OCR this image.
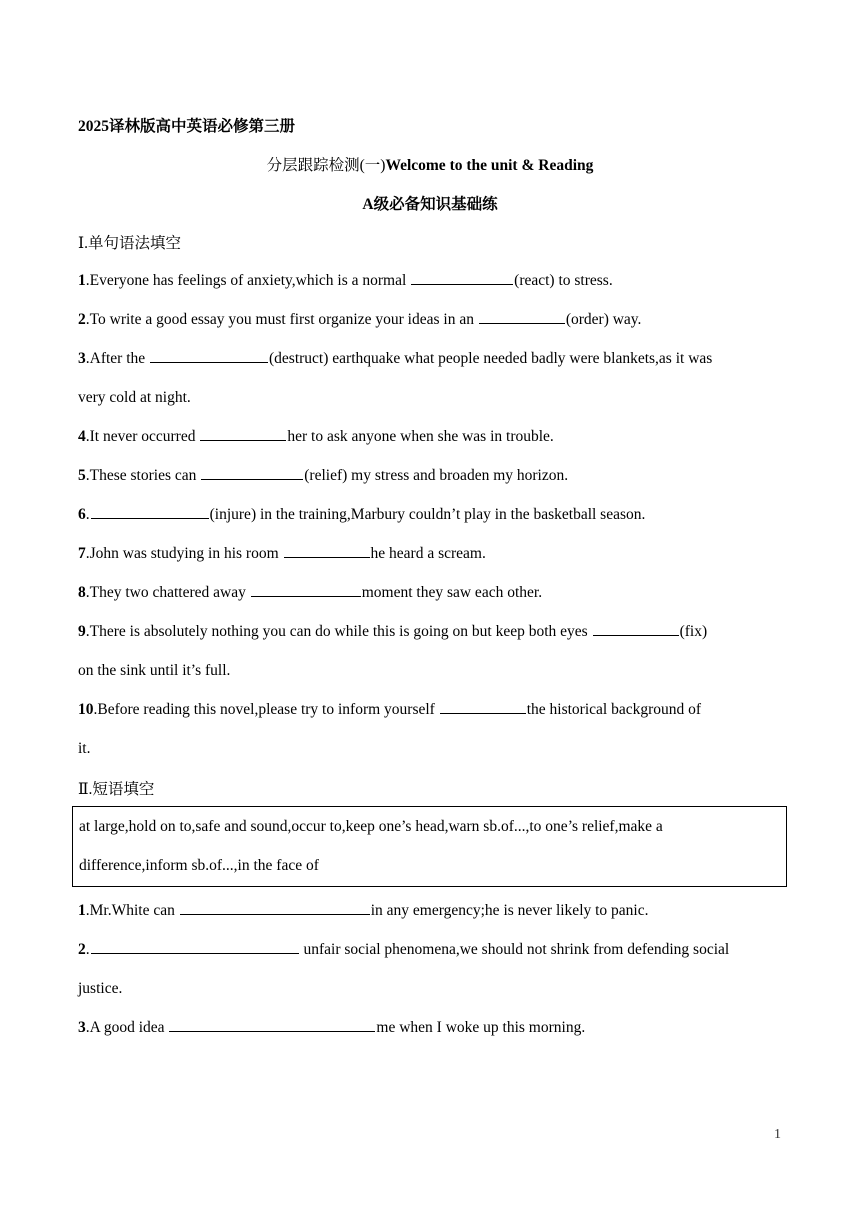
2025译林版高中英语必修第三册
分层跟踪检测(一)Welcome to the unit & Reading
A级必备知识基础练
Ⅰ.单句语法填空
1.Everyone has feelings of anxiety,which is a normal	(react) to stress.
2.To write a good essay you must first organize your ideas in an	(order) way.
3.After the	(destruct) earthquake what people needed badly were blankets,as it was
very cold at night.
4.It never occurred	her to ask anyone when she was in trouble.
5.These stories can	(relief) my stress and broaden my horizon.
6.	(injure) in the training,Marbury couldn’t play in the basketball season.
7.John was studying in his room	he heard a scream.
8.They two chattered away	moment they saw each other.
9.There is absolutely nothing you can do while this is going on but keep both eyes	(fix)
on the sink until it’s full.
10.Before reading this novel,please try to inform yourself	the historical background of
it.
Ⅱ.短语填空
at large,hold on to,safe and sound,occur to,keep one’s head,warn sb.of...,to one’s relief,make a
difference,inform sb.of...,in the face of
1.Mr.White can	in any emergency;he is never likely to panic.
2.	unfair social phenomena,we should not shrink from defending social
justice.
3.A good idea	me when I woke up this morning.
1
